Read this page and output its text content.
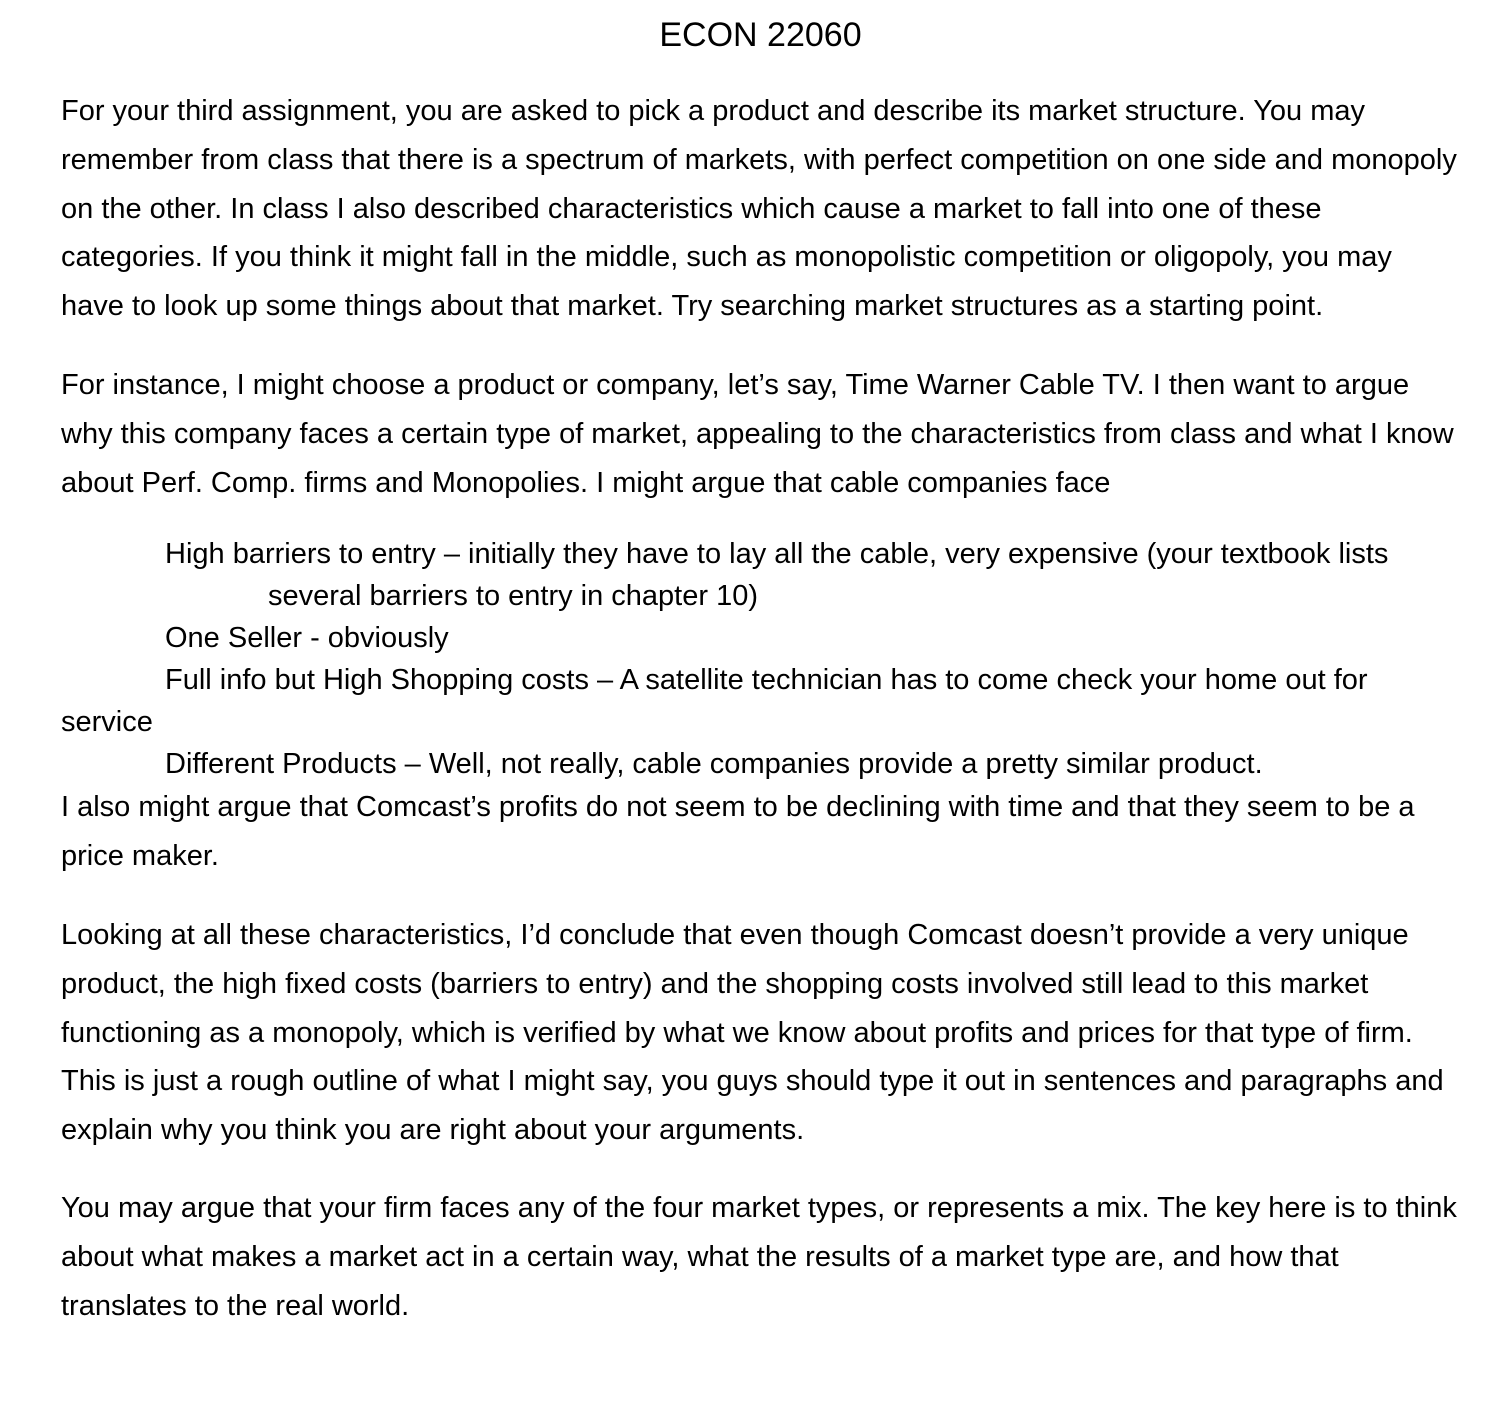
ECON 22060

For your third assignment, you are asked to pick a product and describe its market structure. You may remember from class that there is a spectrum of markets, with perfect competition on one side and monopoly on the other. In class I also described characteristics which cause a market to fall into one of these categories. If you think it might fall in the middle, such as monopolistic competition or oligopoly, you may have to look up some things about that market. Try searching market structures as a starting point.

For instance, I might choose a product or company, let’s say, Time Warner Cable TV. I then want to argue why this company faces a certain type of market, appealing to the characteristics from class and what I know about Perf. Comp. firms and Monopolies. I might argue that cable companies face

High barriers to entry – initially they have to lay all the cable, very expensive (your textbook lists several barriers to entry in chapter 10)

One Seller - obviously

Full info but High Shopping costs – A satellite technician has to come check your home out for service

Different Products – Well, not really, cable companies provide a pretty similar product.

I also might argue that Comcast’s profits do not seem to be declining with time and that they seem to be a price maker.

Looking at all these characteristics, I’d conclude that even though Comcast doesn’t provide a very unique product, the high fixed costs (barriers to entry) and the shopping costs involved still lead to this market functioning as a monopoly, which is verified by what we know about profits and prices for that type of firm. This is just a rough outline of what I might say, you guys should type it out in sentences and paragraphs and explain why you think you are right about your arguments.

You may argue that your firm faces any of the four market types, or represents a mix. The key here is to think about what makes a market act in a certain way, what the results of a market type are, and how that translates to the real world.
